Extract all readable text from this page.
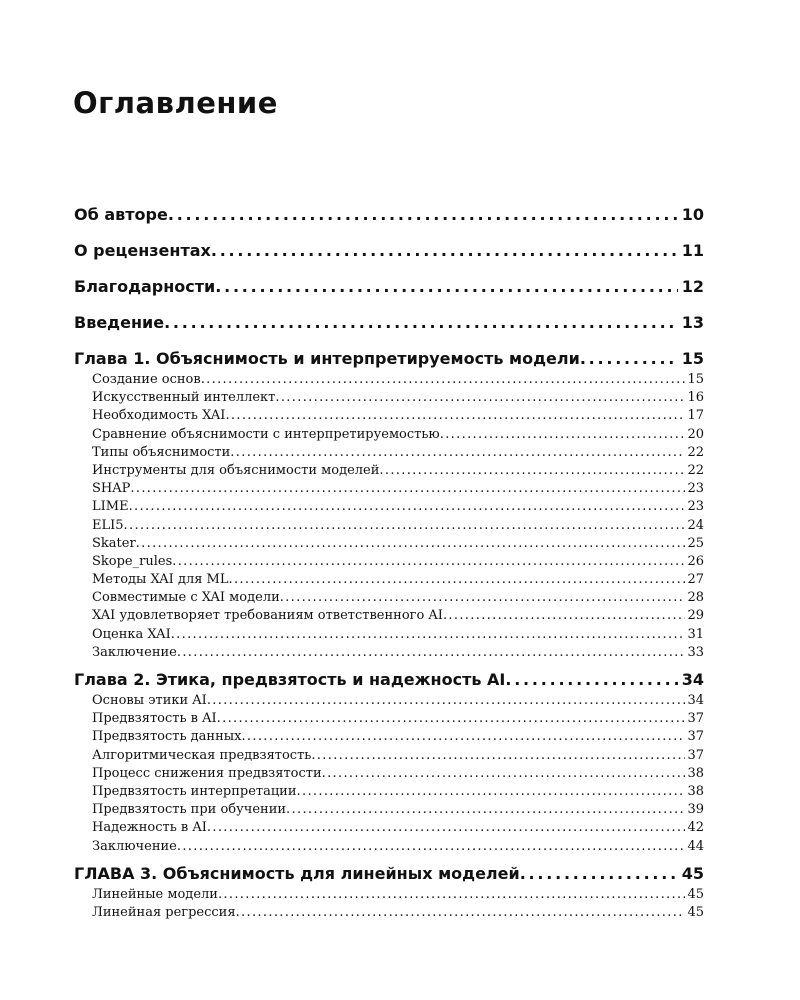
Оглавление
Об авторе . . .	10
О рецензентах . . .	11
Благодарности . . .	12
Введение . . .	13
Глава 1. Объяснимость и интерпретируемость модели . . .	15
Создание основ . . .	15
Искусственный интеллект . . .	16
Необходимость XAI . . .	17
Сравнение объяснимости с интерпретируемостью . . .	20
Типы объяснимости . . .	22
Инструменты для объяснимости моделей . . .	22
SHAP . . .	23
LIME . . .	23
ELI5 . . .	24
Skater . . .	25
Skope_rules . . .	26
Методы XAI для ML . . .	27
Совместимые с XAI модели . . .	28
XAI удовлетворяет требованиям ответственного AI . . .	29
Оценка XAI . . .	31
Заключение . . .	33
Глава 2. Этика, предвзятость и надежность AI . . .	34
Основы этики AI . . .	34
Предвзятость в AI . . .	37
Предвзятость данных . . .	37
Алгоритмическая предвзятость . . .	37
Процесс снижения предвзятости . . .	38
Предвзятость интерпретации . . .	38
Предвзятость при обучении . . .	39
Надежность в AI . . .	42
Заключение . . .	44
ГЛАВА 3. Объяснимость для линейных моделей . . .	45
Линейные модели . . .	45
Линейная регрессия . . .	45
